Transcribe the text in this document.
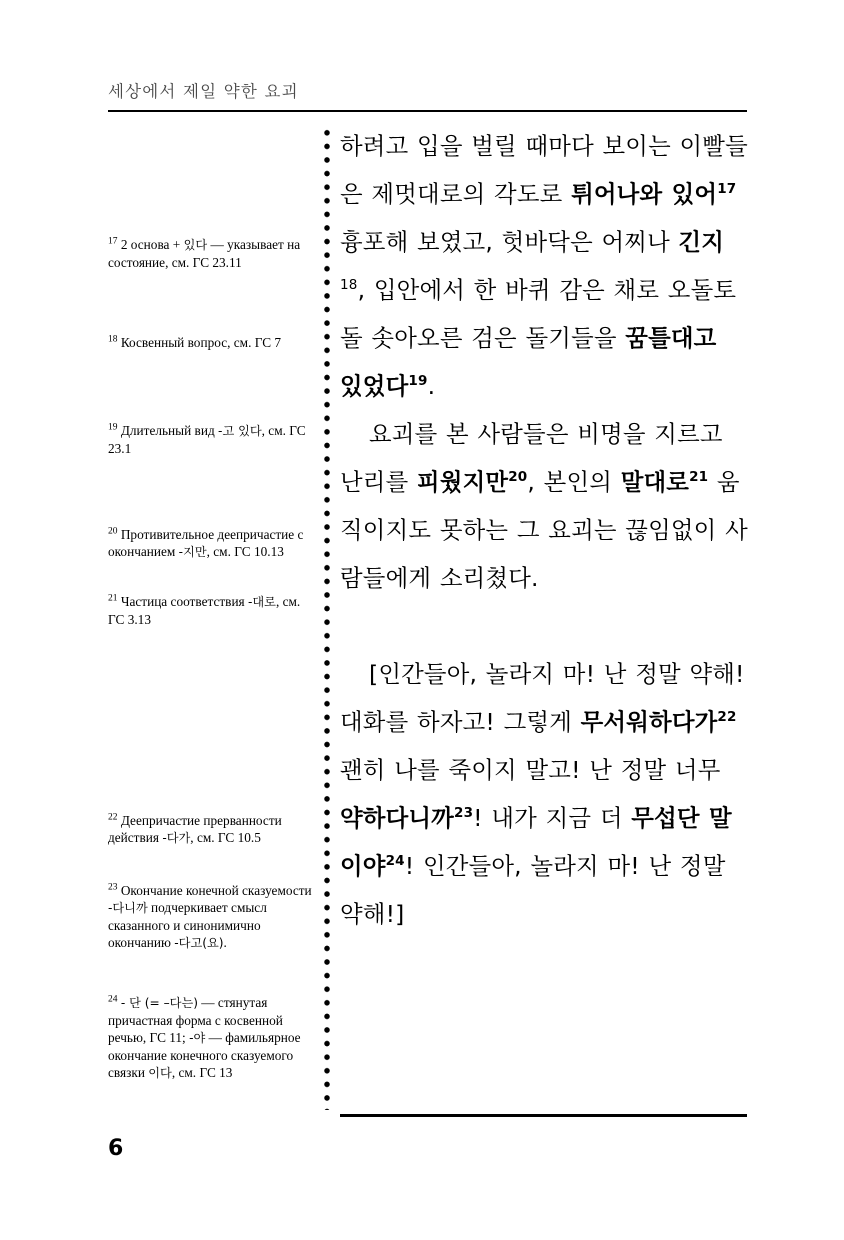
세상에서 제일 약한 요괴
$^{17}$ 2 основа + 있다 — указывает на состояние, см. ГС 23.11
$^{18}$ Косвенный вопрос, см. ГС 7
$^{19}$ Длительный вид -고 있다, см. ГС 23.1
$^{20}$ Противительное деепричастие с окончанием -지만, см. ГС 10.13
$^{21}$ Частица соответствия -대로, см. ГС 3.13
$^{22}$ Деепричастие прерванности действия -다가, см. ГС 10.5
$^{23}$ Окончание конечной сказуемости -다니까 подчеркивает смысл сказанного и синонимично окончанию -다고(요).
$^{24}$ - 단 (= –다는) — стянутая причастная форма с косвенной речью, ГС 11; -야 — фамильярное окончание конечного сказуемого связки 이다, см. ГС 13

하려고 입을 벌릴 때마다 보이는 이빨들은 제멋대로의 각도로 튀어나와 있어$^{17}$ 흉포해 보였고, 헛바닥은 어찌나 긴지 $^{18}$, 입안에서 한 바퀴 감은 채로 오돌토돌 솟아오른 검은 돌기들을 꿈틀대고 있었다$^{19}$.

요괴를 본 사람들은 비명을 지르고 난리를 피웠지만$^{20}$, 본인의 말대로$^{21}$ 움직이지도 못하는 그 요괴는 끊임없이 사람들에게 소리쳤다.

[인간들아, 놀라지 마! 난 정말 약해! 대화를 하자고! 그렇게 무서워하다가$^{22}$ 괜히 나를 죽이지 말고! 난 정말 너무 약하다니까$^{23}$! 내가 지금 더 무섭단 말이야$^{24}$! 인간들아, 놀라지 마! 난 정말 약해!]

6
